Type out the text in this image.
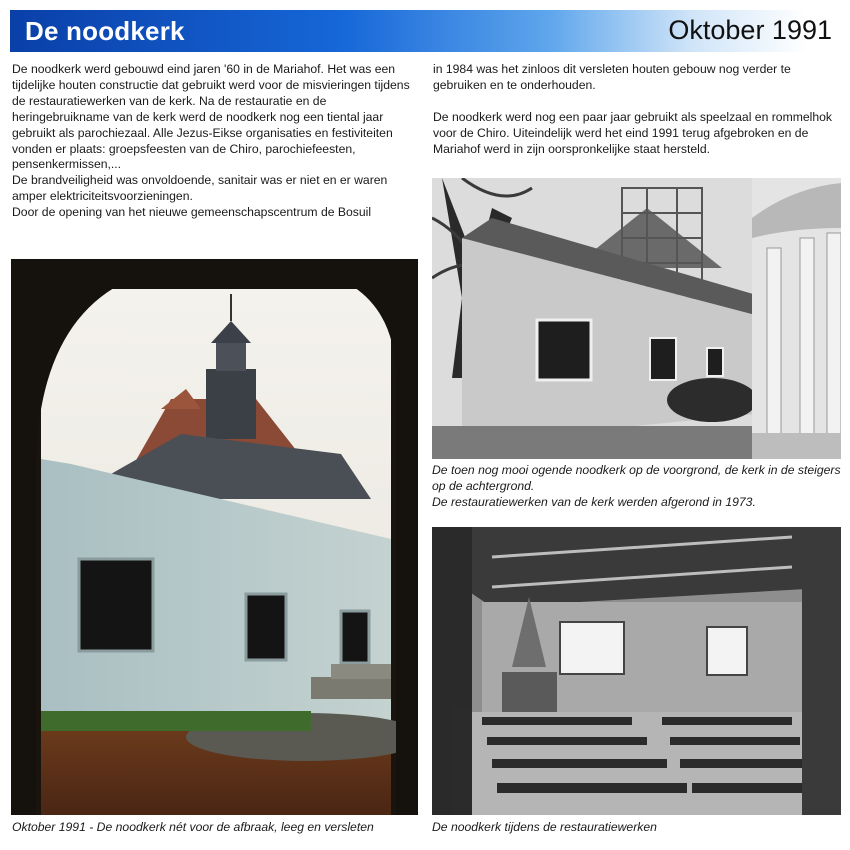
De noodkerk	Oktober 1991

De noodkerk werd gebouwd eind jaren '60 in de Mariahof. Het was een tijdelijke houten constructie dat gebruikt werd voor de misvieringen tijdens de restauratiewerken van de kerk. Na de restauratie en de heringebruikname van de kerk werd de noodkerk nog een tiental jaar gebruikt als parochiezaal. Alle Jezus-Eikse organisaties en festiviteiten vonden er plaats: groepsfeesten van de Chiro, parochiefeesten, pensenkermissen,...

De brandveiligheid was onvoldoende, sanitair was er niet en er waren amper elektriciteitsvoorzieningen.

Door de opening van het nieuwe gemeenschapscentrum de Bosuil

in 1984 was het zinloos dit versleten houten gebouw nog verder te gebruiken en te onderhouden.

De noodkerk werd nog een paar jaar gebruikt als speelzaal en rommelhok voor de Chiro. Uiteindelijk werd het eind 1991 terug afgebroken en de Mariahof werd in zijn oorspronkelijke staat hersteld.

Oktober 1991 - De noodkerk nét voor de afbraak, leeg en versleten

De toen nog mooi ogende noodkerk op de voorgrond, de kerk in de steigers op de achtergrond.

De restauratiewerken van de kerk werden afgerond in 1973.

De noodkerk tijdens de restauratiewerken
